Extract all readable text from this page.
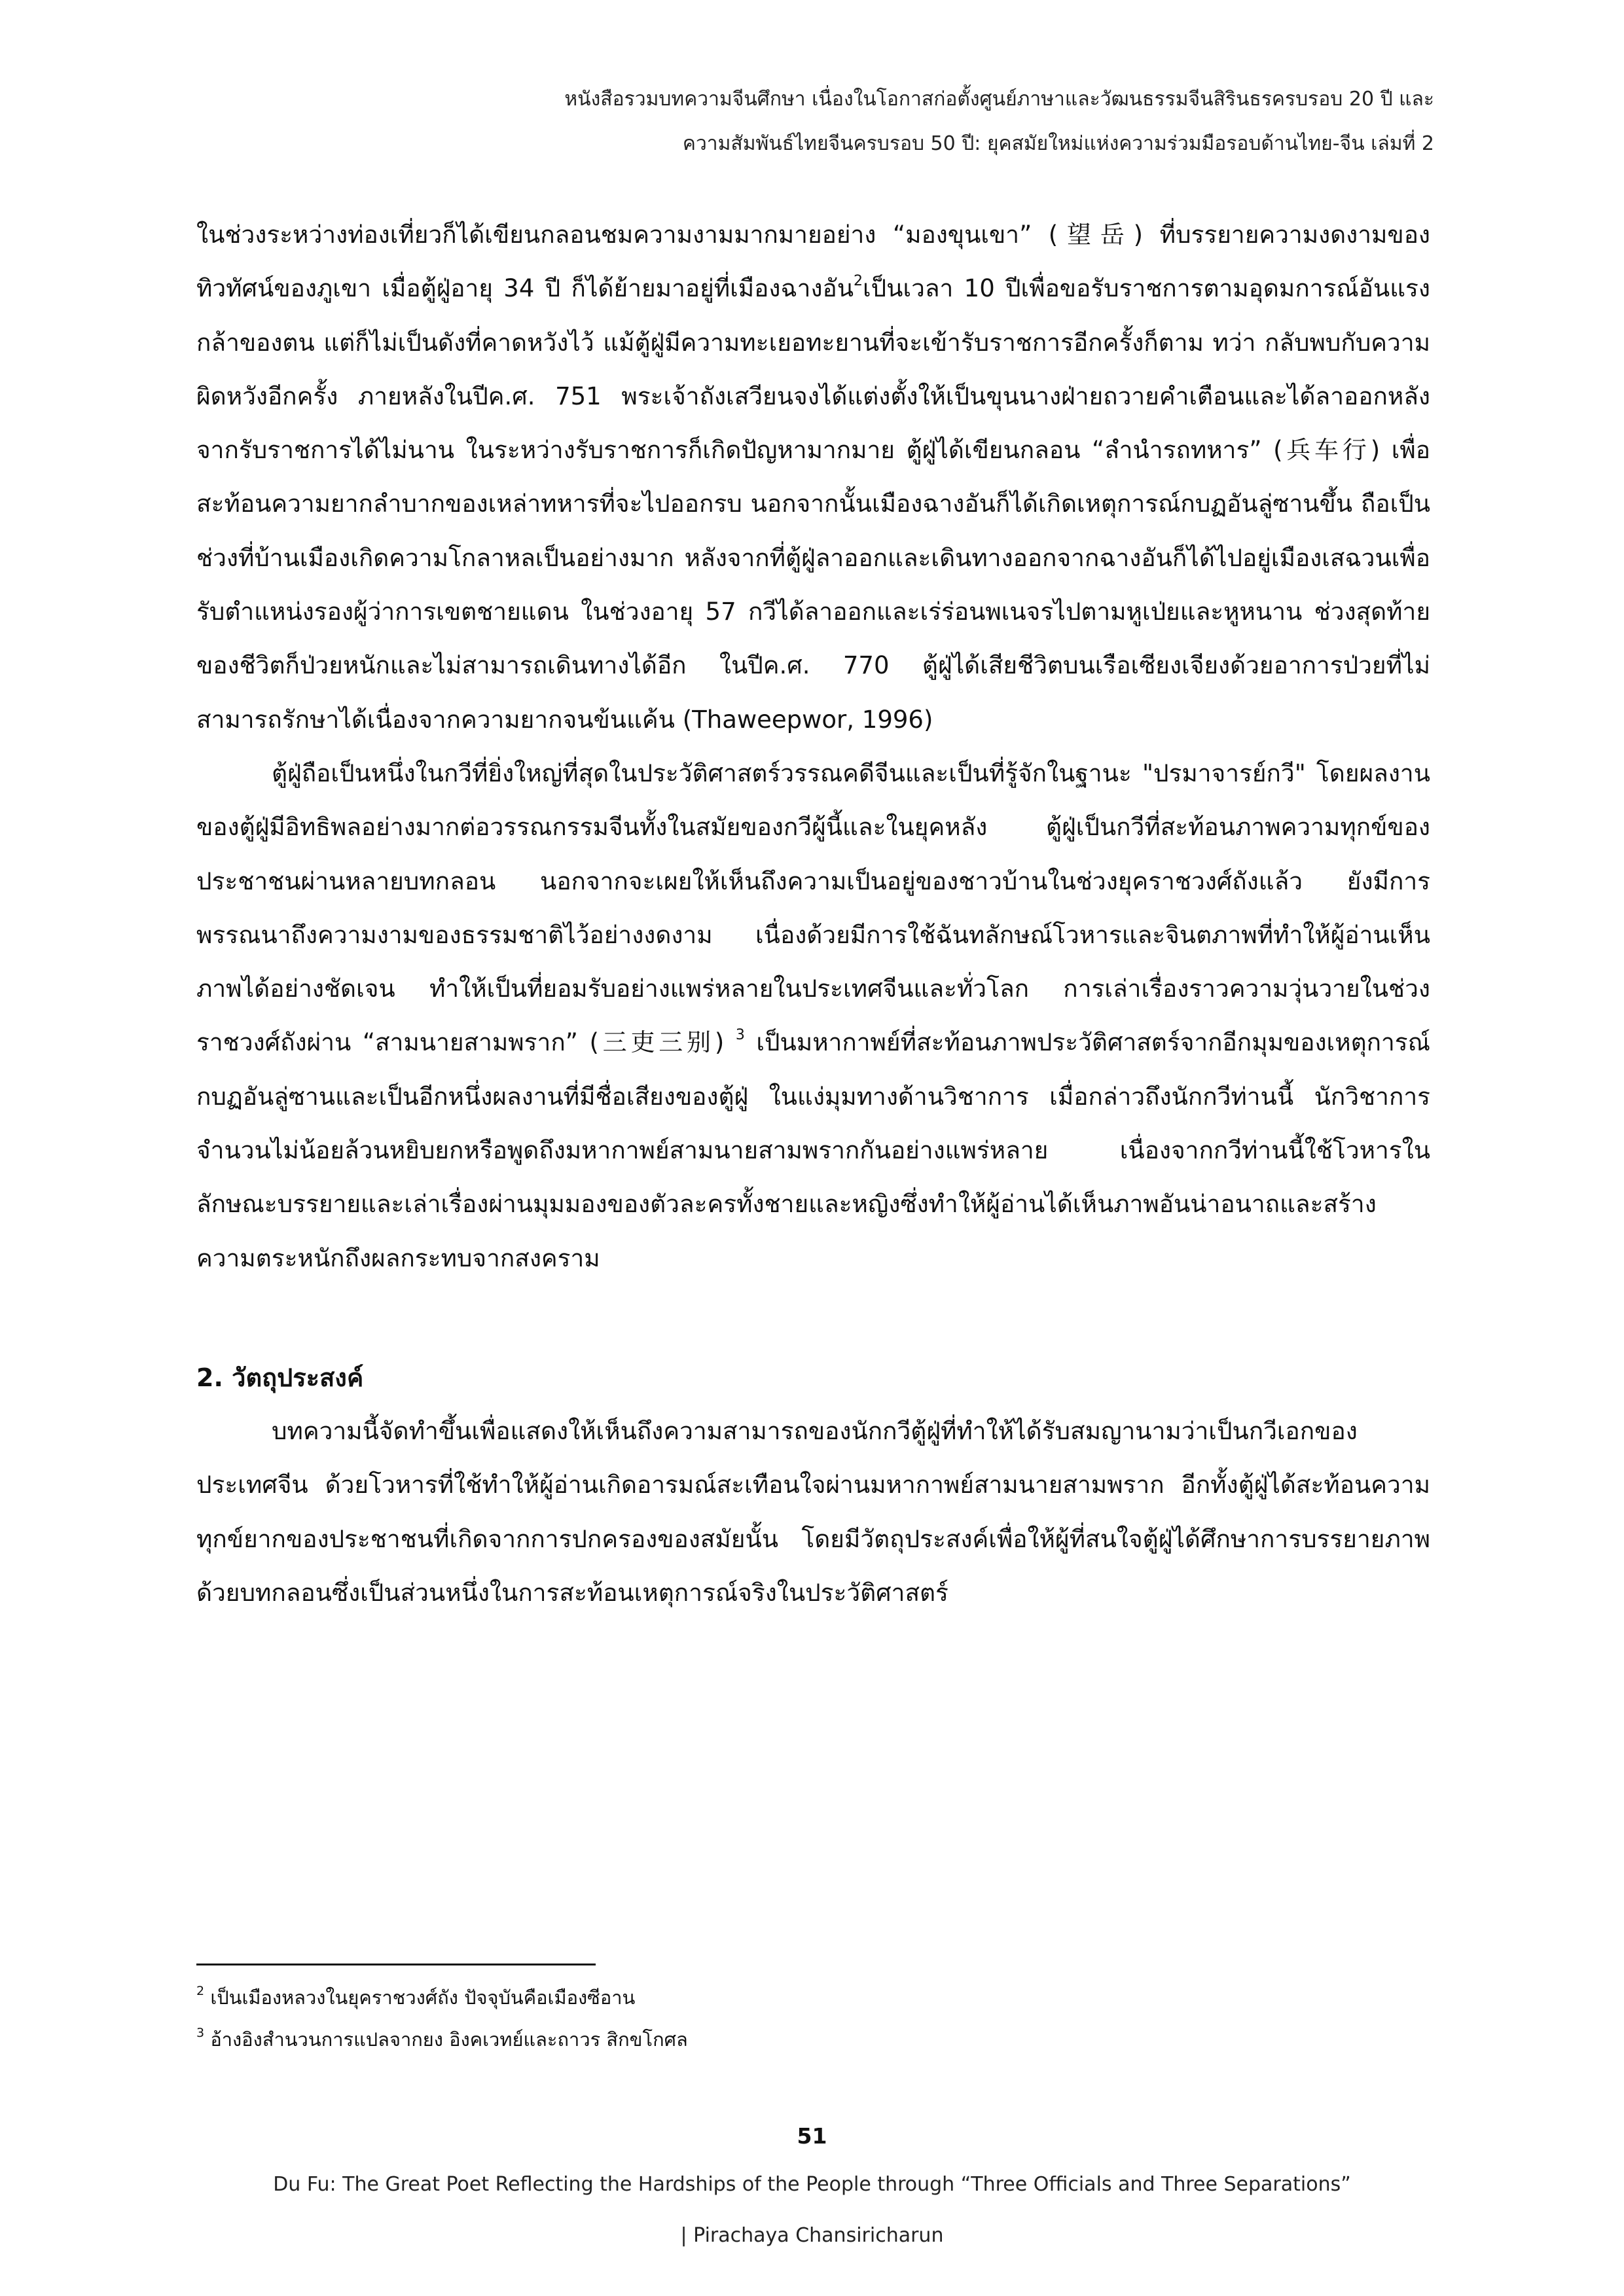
หนังสือรวมบทความจีนศึกษา เนื่องในโอกาสก่อตั้งศูนย์ภาษาและวัฒนธรรมจีนสิรินธรครบรอบ 20 ปี และ
ความสัมพันธ์ไทยจีนครบรอบ 50 ปี: ยุคสมัยใหม่แห่งความร่วมมือรอบด้านไทย-จีน เล่มที่ 2

ในช่วงระหว่างท่องเที่ยวก็ได้เขียนกลอนชมความงามมากมายอย่าง “มองขุนเขา” (望岳) ที่บรรยายความงดงามของทิวทัศน์ของภูเขา เมื่อตู้ฝู่อายุ 34 ปี ก็ได้ย้ายมาอยู่ที่เมืองฉางอัน$^2$เป็นเวลา 10 ปีเพื่อขอรับราชการตามอุดมการณ์อันแรงกล้าของตน แต่ก็ไม่เป็นดังที่คาดหวังไว้ แม้ตู้ฝู่มีความทะเยอทะยานที่จะเข้ารับราชการอีกครั้งก็ตาม ทว่า กลับพบกับความผิดหวังอีกครั้ง ภายหลังในปีค.ศ. 751 พระเจ้าถังเสวียนจงได้แต่งตั้งให้เป็นขุนนางฝ่ายถวายคำเตือนและได้ลาออกหลังจากรับราชการได้ไม่นาน ในระหว่างรับราชการก็เกิดปัญหามากมาย ตู้ฝู่ได้เขียนกลอน “ลำนำรถทหาร” (兵车行) เพื่อสะท้อนความยากลำบากของเหล่าทหารที่จะไปออกรบ นอกจากนั้นเมืองฉางอันก็ได้เกิดเหตุการณ์กบฏอันลู่ซานขึ้น ถือเป็นช่วงที่บ้านเมืองเกิดความโกลาหลเป็นอย่างมาก หลังจากที่ตู้ฝู่ลาออกและเดินทางออกจากฉางอันก็ได้ไปอยู่เมืองเสฉวนเพื่อรับตำแหน่งรองผู้ว่าการเขตชายแดน ในช่วงอายุ 57 กวีได้ลาออกและเร่ร่อนพเนจรไปตามหูเป่ยและหูหนาน ช่วงสุดท้ายของชีวิตก็ป่วยหนักและไม่สามารถเดินทางได้อีก ในปีค.ศ. 770 ตู้ฝู่ได้เสียชีวิตบนเรือเซียงเจียงด้วยอาการป่วยที่ไม่สามารถรักษาได้เนื่องจากความยากจนข้นแค้น (Thaweepwor, 1996)

ตู้ฝู่ถือเป็นหนึ่งในกวีที่ยิ่งใหญ่ที่สุดในประวัติศาสตร์วรรณคดีจีนและเป็นที่รู้จักในฐานะ "ปรมาจารย์กวี" โดยผลงานของตู้ฝู่มีอิทธิพลอย่างมากต่อวรรณกรรมจีนทั้งในสมัยของกวีผู้นี้และในยุคหลัง ตู้ฝู่เป็นกวีที่สะท้อนภาพความทุกข์ของประชาชนผ่านหลายบทกลอน นอกจากจะเผยให้เห็นถึงความเป็นอยู่ของชาวบ้านในช่วงยุคราชวงศ์ถังแล้ว ยังมีการพรรณนาถึงความงามของธรรมชาติไว้อย่างงดงาม เนื่องด้วยมีการใช้ฉันทลักษณ์โวหารและจินตภาพที่ทำให้ผู้อ่านเห็นภาพได้อย่างชัดเจน ทำให้เป็นที่ยอมรับอย่างแพร่หลายในประเทศจีนและทั่วโลก การเล่าเรื่องราวความวุ่นวายในช่วงราชวงศ์ถังผ่าน “สามนายสามพราก” (三吏三别) $^3$ เป็นมหากาพย์ที่สะท้อนภาพประวัติศาสตร์จากอีกมุมของเหตุการณ์กบฏอันลู่ซานและเป็นอีกหนึ่งผลงานที่มีชื่อเสียงของตู้ฝู่ ในแง่มุมทางด้านวิชาการ เมื่อกล่าวถึงนักกวีท่านนี้ นักวิชาการจำนวนไม่น้อยล้วนหยิบยกหรือพูดถึงมหากาพย์สามนายสามพรากกันอย่างแพร่หลาย เนื่องจากกวีท่านนี้ใช้โวหารในลักษณะบรรยายและเล่าเรื่องผ่านมุมมองของตัวละครทั้งชายและหญิงซึ่งทำให้ผู้อ่านได้เห็นภาพอันน่าอนาถและสร้างความตระหนักถึงผลกระทบจากสงคราม

2. วัตถุประสงค์

บทความนี้จัดทำขึ้นเพื่อแสดงให้เห็นถึงความสามารถของนักกวีตู้ฝู่ที่ทำให้ได้รับสมญานามว่าเป็นกวีเอกของประเทศจีน ด้วยโวหารที่ใช้ทำให้ผู้อ่านเกิดอารมณ์สะเทือนใจผ่านมหากาพย์สามนายสามพราก อีกทั้งตู้ฝู่ได้สะท้อนความทุกข์ยากของประชาชนที่เกิดจากการปกครองของสมัยนั้น โดยมีวัตถุประสงค์เพื่อให้ผู้ที่สนใจตู้ฝู่ได้ศึกษาการบรรยายภาพด้วยบทกลอนซึ่งเป็นส่วนหนึ่งในการสะท้อนเหตุการณ์จริงในประวัติศาสตร์

$^2$ เป็นเมืองหลวงในยุคราชวงศ์ถัง ปัจจุบันคือเมืองซีอาน

$^3$ อ้างอิงสำนวนการแปลจากยง อิงคเวทย์และถาวร สิกขโกศล

51
Du Fu: The Great Poet Reflecting the Hardships of the People through “Three Officials and Three Separations”
| Pirachaya Chansiricharun
